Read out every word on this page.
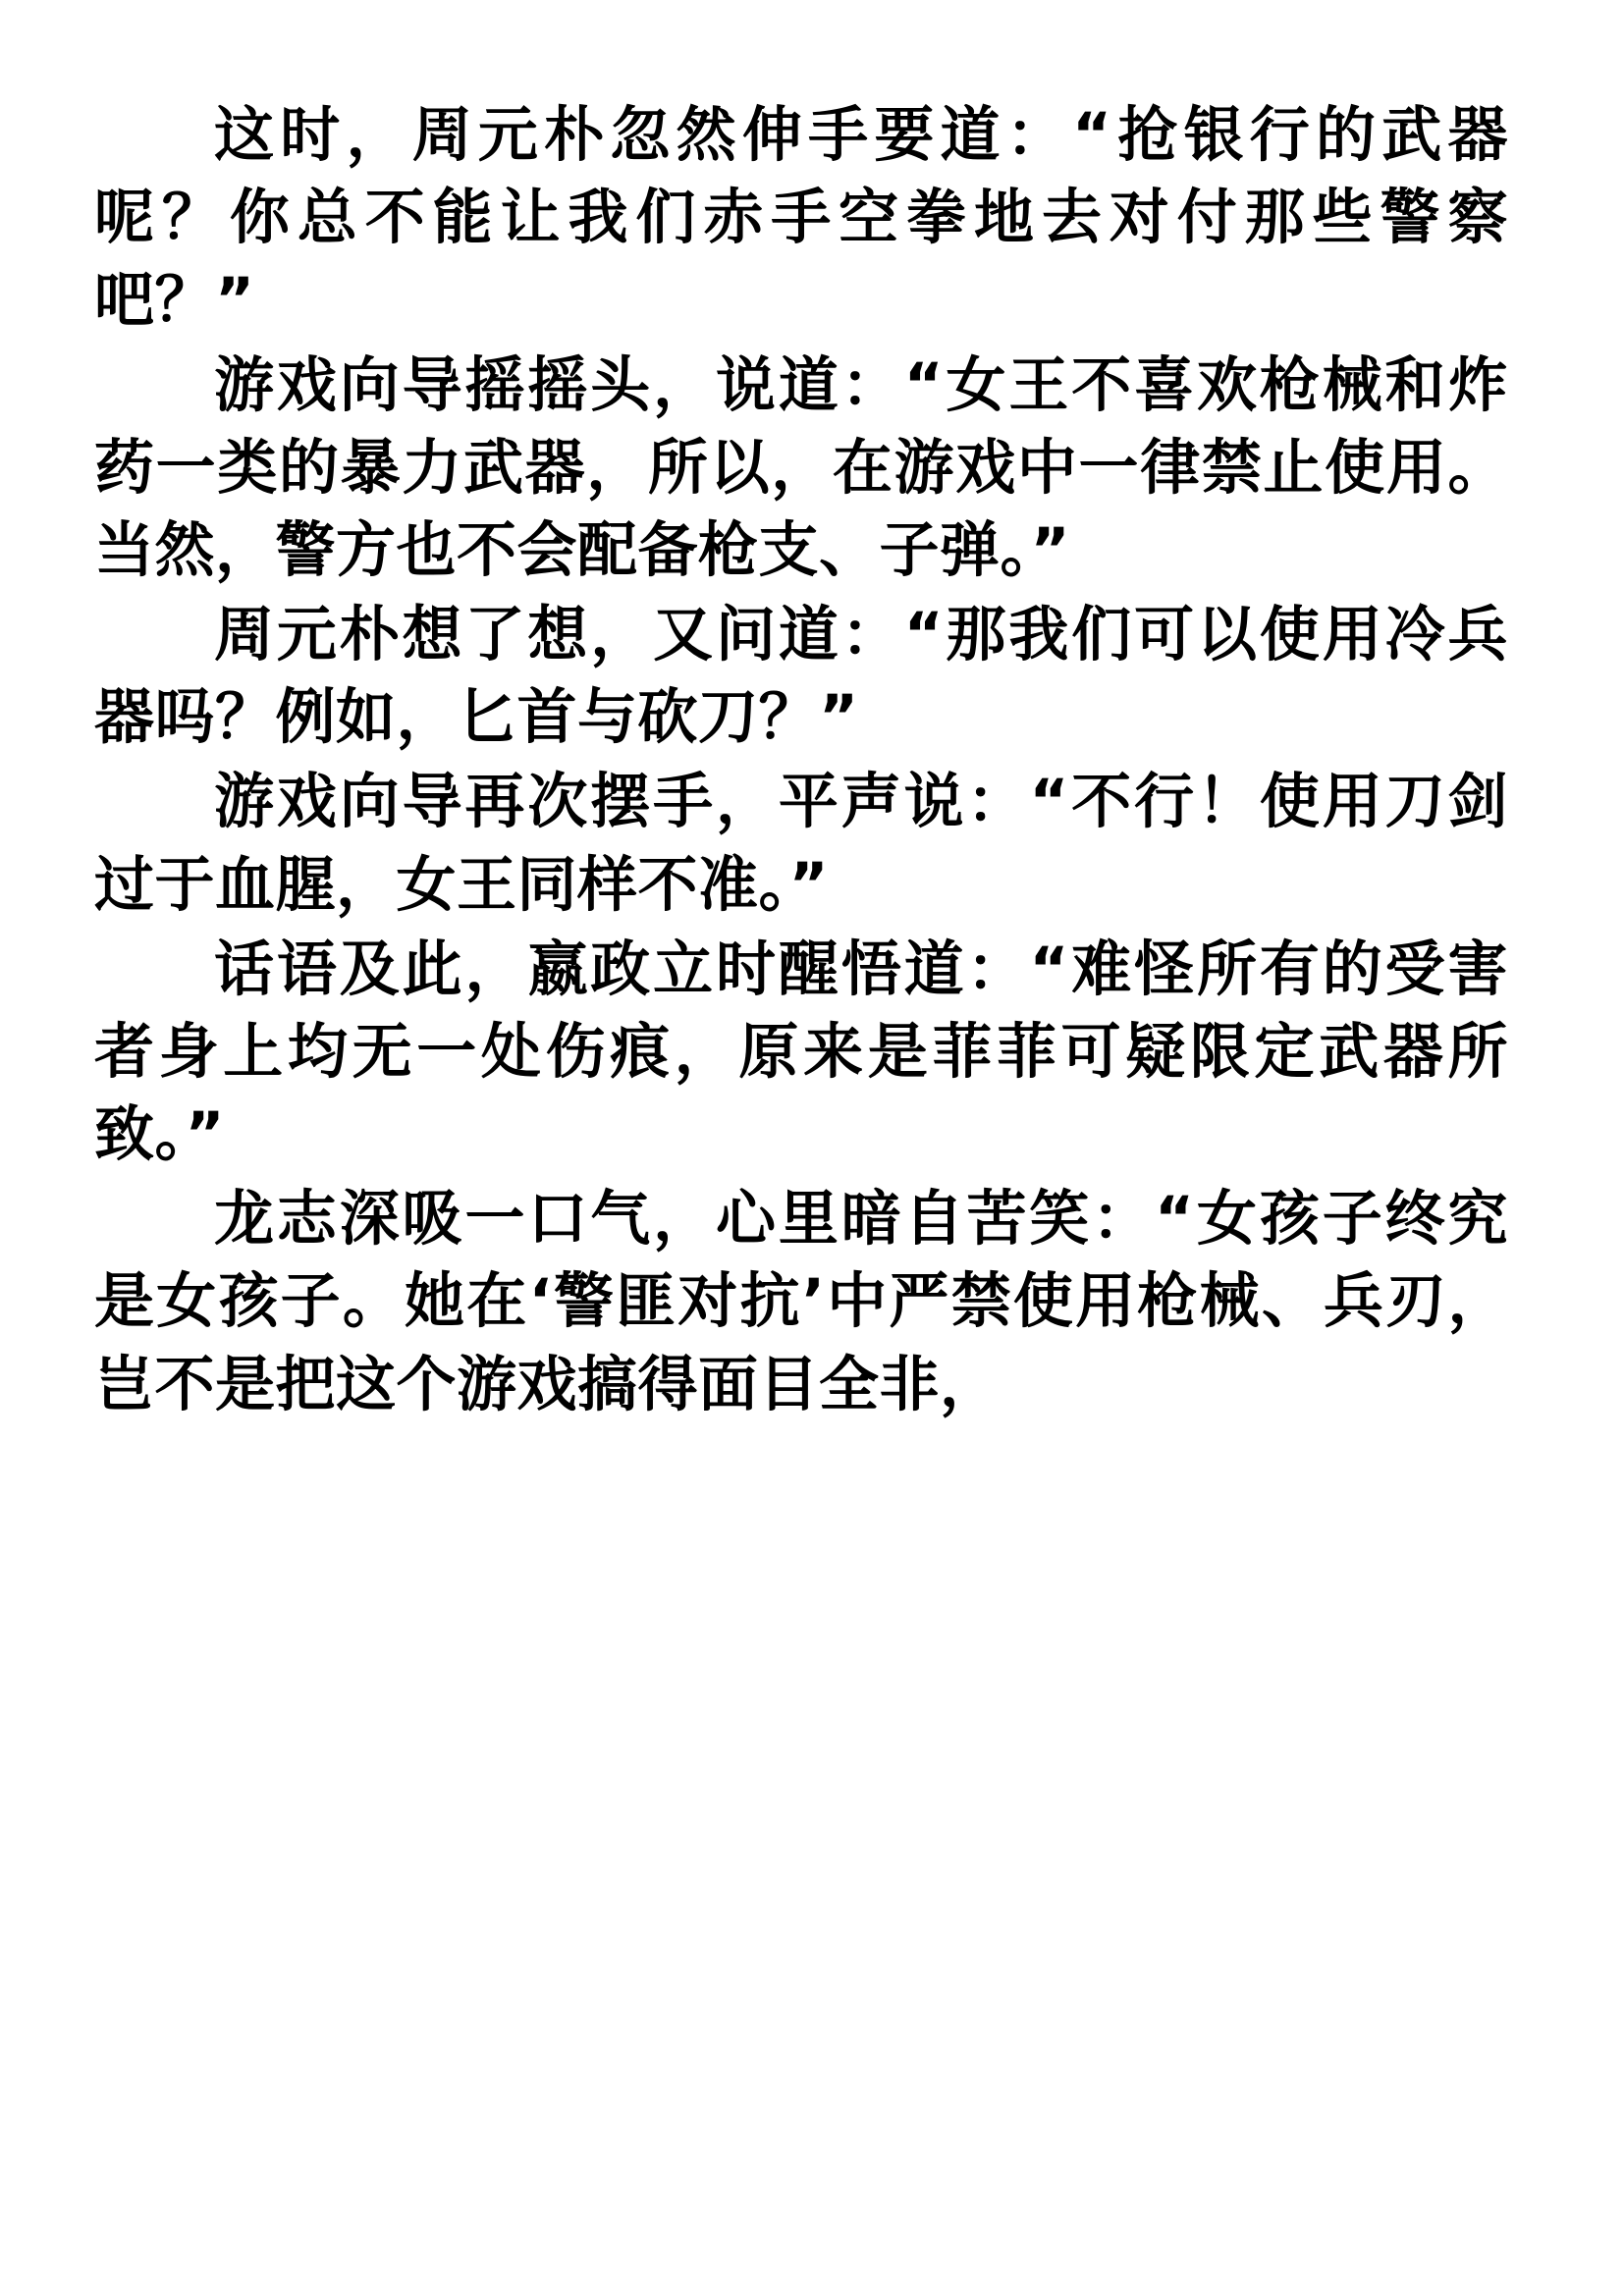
这时，周元朴忽然伸手要道：“抢银行的武器呢？你总不能让我们赤手空拳地去对付那些警察吧？”

游戏向导摇摇头，说道：“女王不喜欢枪械和炸药一类的暴力武器，所以，在游戏中一律禁止使用。当然，警方也不会配备枪支、子弹。”

周元朴想了想，又问道：“那我们可以使用冷兵器吗？例如，匕首与砍刀？”

游戏向导再次摆手，平声说：“不行！使用刀剑过于血腥，女王同样不准。”

话语及此，嬴政立时醒悟道：“难怪所有的受害者身上均无一处伤痕，原来是菲菲可疑限定武器所致。”

龙志深吸一口气，心里暗自苦笑：“女孩子终究是女孩子。她在‘警匪对抗’中严禁使用枪械、兵刃，岂不是把这个游戏搞得面目全非，
